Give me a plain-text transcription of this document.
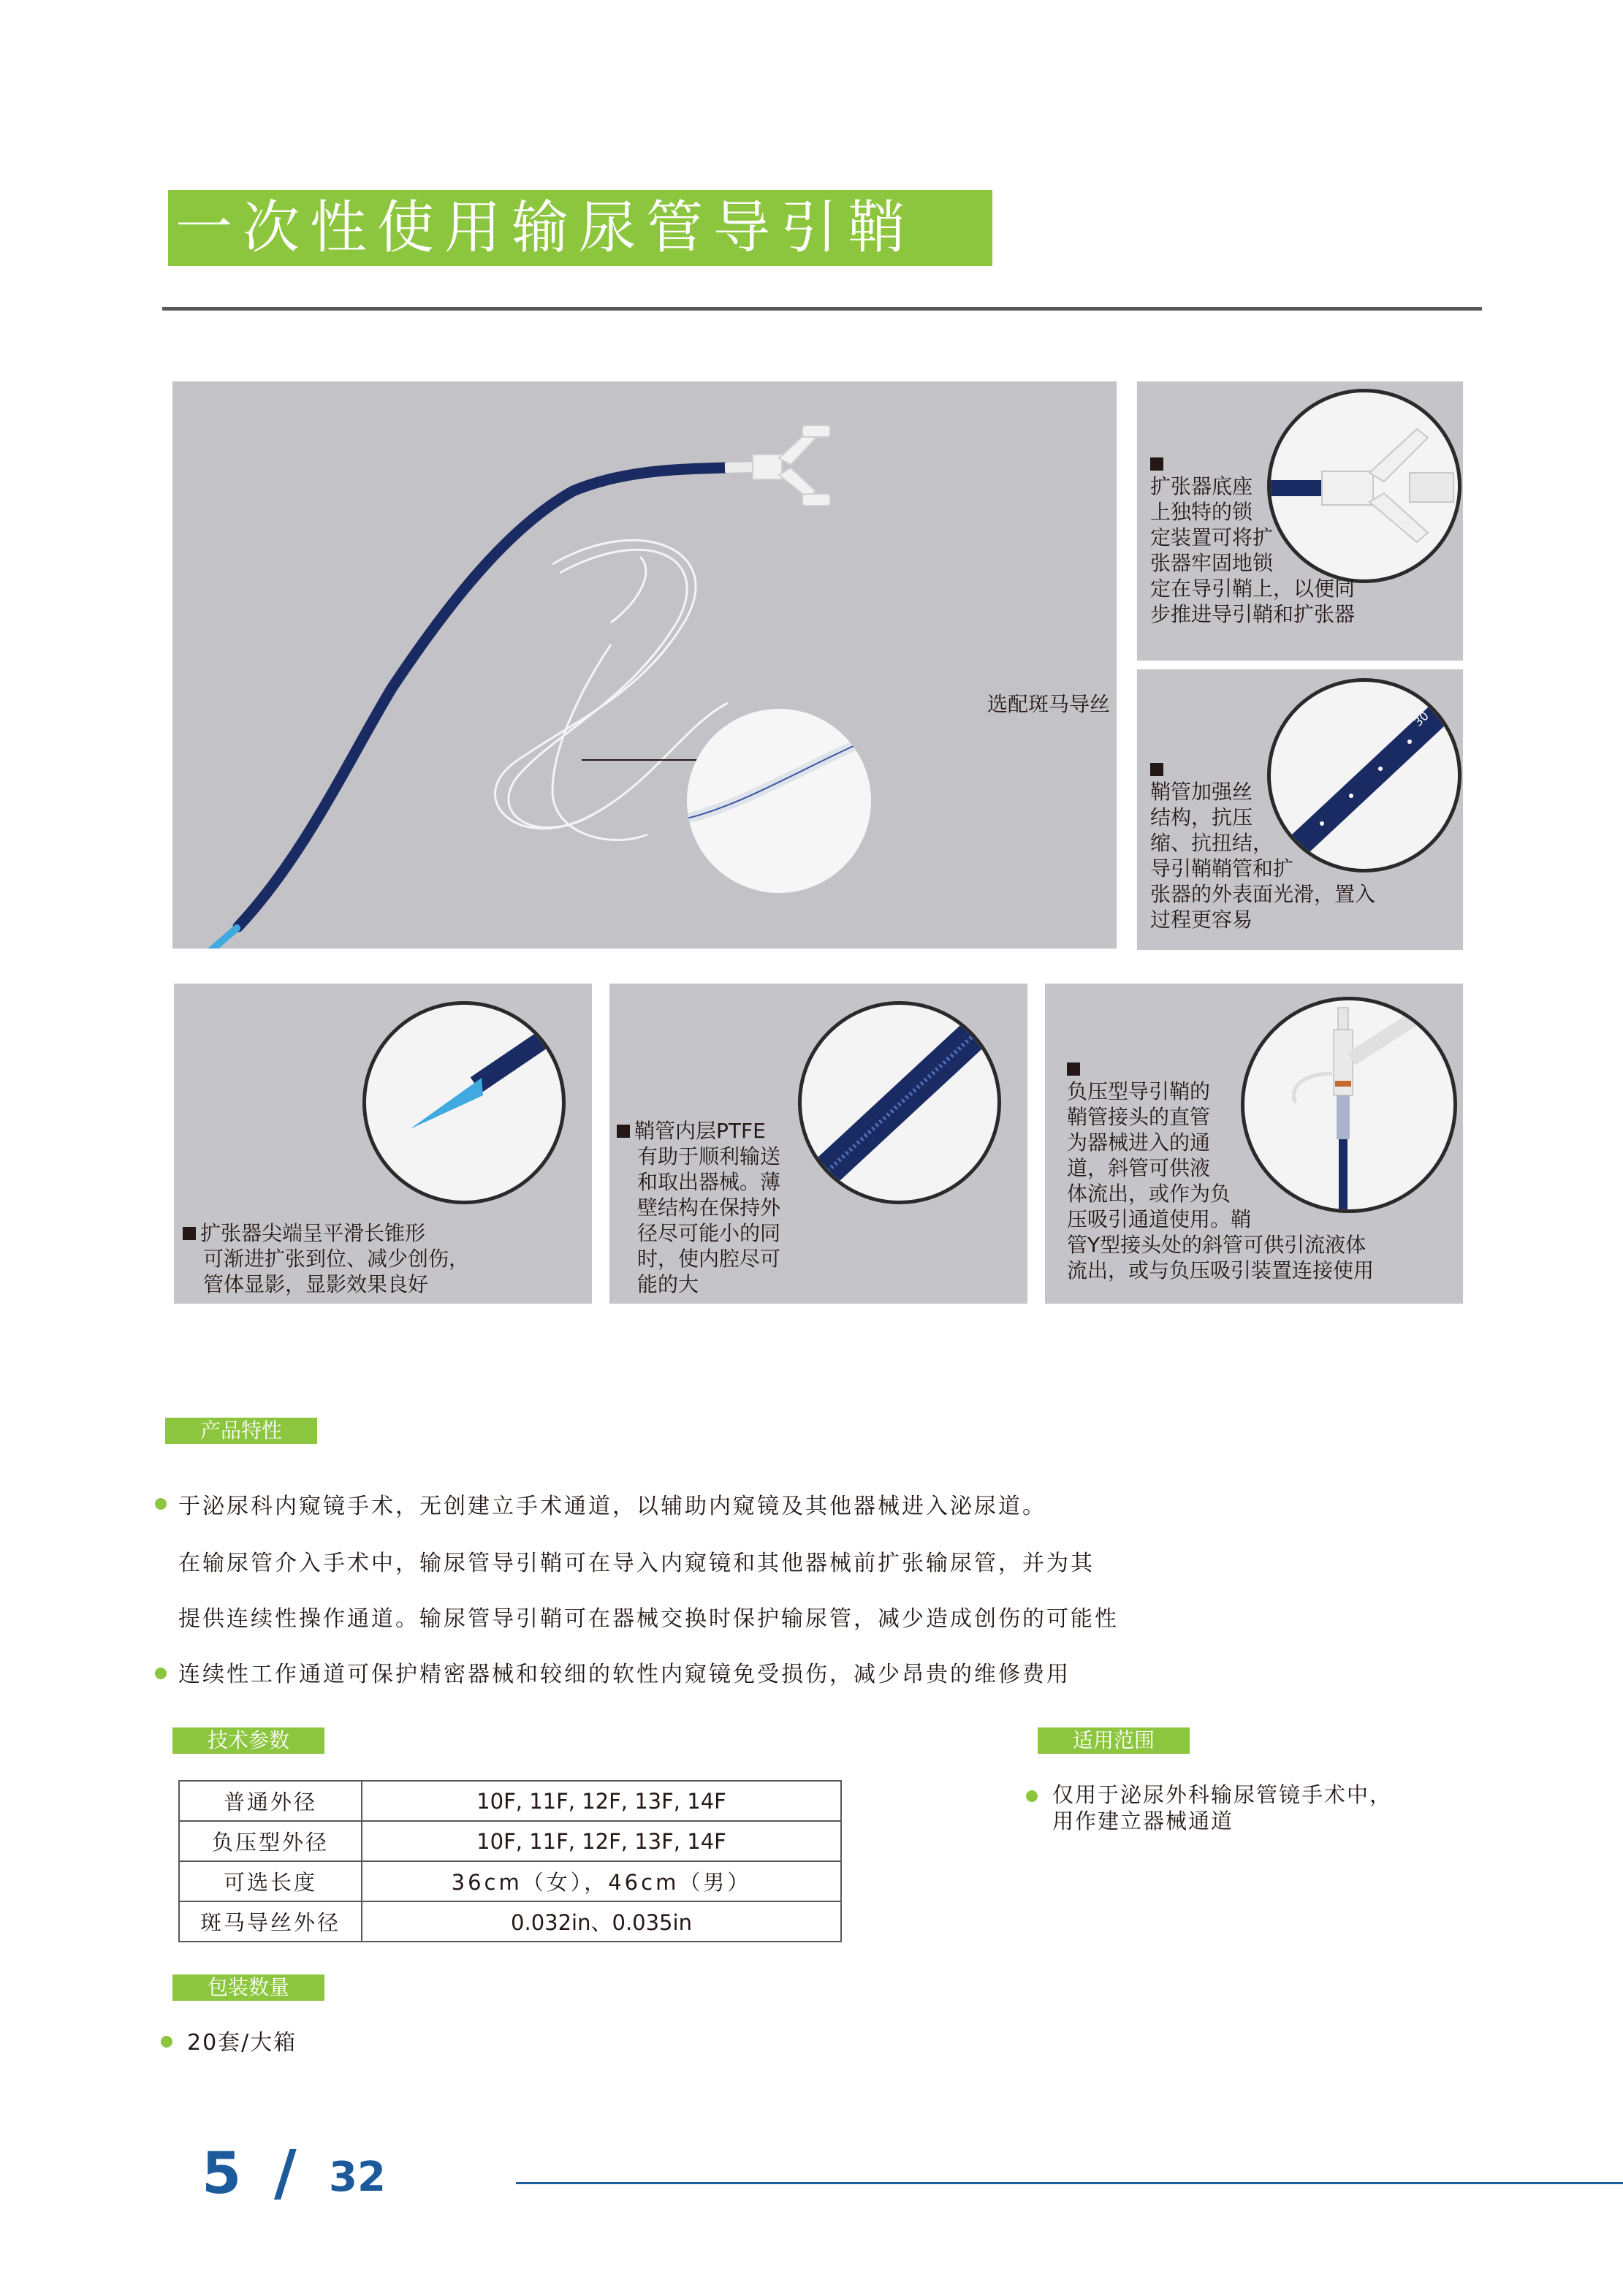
一次性使用输尿管导引鞘
选配斑马导丝
扩张器底座
上独特的锁
定装置可将扩
张器牢固地锁
定在导引鞘上，以便同
步推进导引鞘和扩张器
30
鞘管加强丝
结构，抗压
缩、抗扭结，
导引鞘鞘管和扩
张器的外表面光滑，置入
过程更容易
扩张器尖端呈平滑长锥形
可渐进扩张到位、减少创伤，
管体显影，显影效果良好
鞘管内层PTFE
有助于顺利输送
和取出器械。薄
壁结构在保持外
径尽可能小的同
时，使内腔尽可
能的大
负压型导引鞘的
鞘管接头的直管
为器械进入的通
道，斜管可供液
体流出，或作为负
压吸引通道使用。鞘
管Y型接头处的斜管可供引流液体
流出，或与负压吸引装置连接使用
产品特性
于泌尿科内窥镜手术，无创建立手术通道，以辅助内窥镜及其他器械进入泌尿道。
在输尿管介入手术中，输尿管导引鞘可在导入内窥镜和其他器械前扩张输尿管，并为其
提供连续性操作通道。输尿管导引鞘可在器械交换时保护输尿管，减少造成创伤的可能性
连续性工作通道可保护精密器械和较细的软性内窥镜免受损伤，减少昂贵的维修费用
技术参数
普通外径	10F, 11F, 12F, 13F, 14F
负压型外径	10F, 11F, 12F, 13F, 14F
可选长度	36cm（女），46cm（男）
斑马导丝外径	0.032in、0.035in
适用范围
仅用于泌尿外科输尿管镜手术中，
用作建立器械通道
包装数量
20套/大箱
5 / 32
